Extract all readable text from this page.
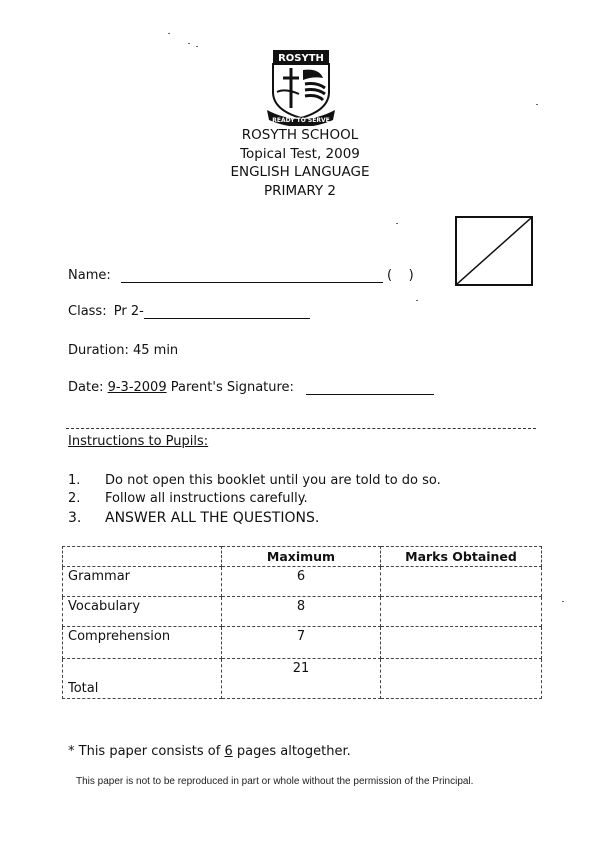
ROSYTH
READY TO SERVE
ROSYTH SCHOOL
Topical Test, 2009
ENGLISH LANGUAGE
PRIMARY 2
Name:	(    )
Class: Pr 2-
Duration: 45 min
Date: 9-3-2009 Parent's Signature:
Instructions to Pupils:
1. Do not open this booklet until you are told to do so.
2. Follow all instructions carefully.
3. ANSWER ALL THE QUESTIONS.
	Maximum	Marks Obtained
Grammar	6	
Vocabulary	8	
Comprehension	7	
Total	21	
* This paper consists of 6 pages altogether.
This paper is not to be reproduced in part or whole without the permission of the Principal.
